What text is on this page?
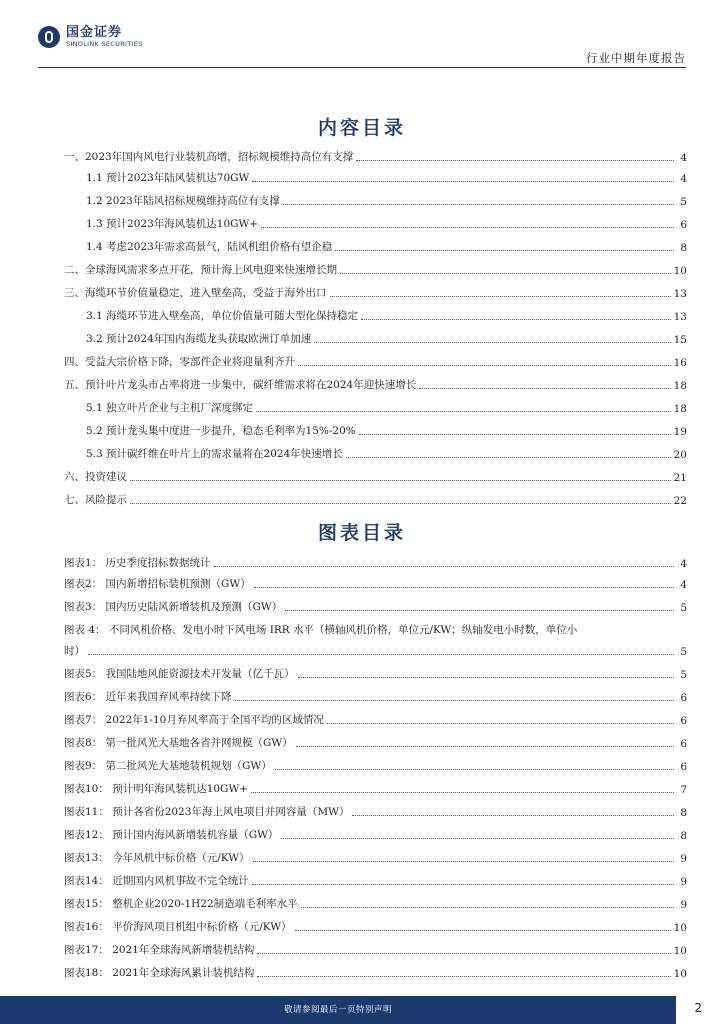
国金证券
SINOLINK SECURITIES
行业中期年度报告
内容目录
一、2023年国内风电行业装机高增，招标规模维持高位有支撑	4
1.1 预计2023年陆风装机达70GW	4
1.2 2023年陆风招标规模维持高位有支撑	5
1.3 预计2023年海风装机达10GW+	6
1.4 考虑2023年需求高景气，陆风机组价格有望企稳	8
二、全球海风需求多点开花，预计海上风电迎来快速增长期	10
三、海缆环节价值量稳定，进入壁垒高，受益于海外出口	13
3.1 海缆环节进入壁垒高，单位价值量可随大型化保持稳定	13
3.2 预计2024年国内海缆龙头获取欧洲订单加速	15
四、受益大宗价格下降，零部件企业将迎量利齐升	16
五、预计叶片龙头市占率将进一步集中，碳纤维需求将在2024年迎快速增长	18
5.1 独立叶片企业与主机厂深度绑定	18
5.2 预计龙头集中度进一步提升，稳态毛利率为15%-20%	19
5.3 预计碳纤维在叶片上的需求量将在2024年快速增长	20
六、投资建议	21
七、风险提示	22
图表目录
图表1： 历史季度招标数据统计	4
图表2： 国内新增招标装机预测（GW）	4
图表3： 国内历史陆风新增装机及预测（GW）	5
图表 4： 不同风机价格、发电小时下风电场 IRR 水平（横轴风机价格，单位元/KW；纵轴发电小时数，单位小
时）	5
图表5： 我国陆地风能资源技术开发量（亿千瓦）	5
图表6： 近年来我国弃风率持续下降	6
图表7： 2022年1-10月弃风率高于全国平均的区域情况	6
图表8： 第一批风光大基地各省并网规模（GW）	6
图表9： 第二批风光大基地装机规划（GW）	6
图表10： 预计明年海风装机达10GW+	7
图表11： 预计各省份2023年海上风电项目并网容量（MW）	8
图表12： 预计国内海风新增装机容量（GW）	8
图表13： 今年风机中标价格（元/KW）	9
图表14： 近期国内风机事故不完全统计	9
图表15： 整机企业2020-1H22制造端毛利率水平	9
图表16： 平价海风项目机组中标价格（元/KW）	10
图表17： 2021年全球海风新增装机结构	10
图表18： 2021年全球海风累计装机结构	10
敬请参阅最后一页特别声明	2
